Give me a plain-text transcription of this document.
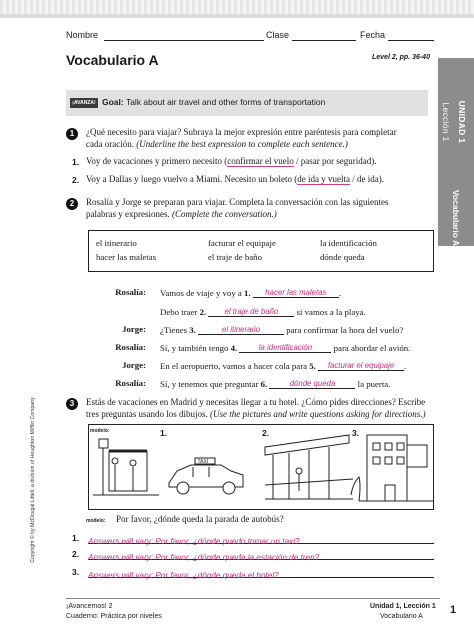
UNIDAD 1
Lección 1
Vocabulario A
Copyright © by McDougal Littell, a division of Houghton Mifflin Company
Nombre	Clase	Fecha
Vocabulario A	Level 2, pp. 36-40
¡AVANZA! Goal: Talk about air travel and other forms of transportation
1	¿Qué necesito para viajar? Subraya la mejor expresión entre paréntesis para completar
cada oración. (Underline the best expression to complete each sentence.)
1. Voy de vacaciones y primero necesito (confirmar el vuelo / pasar por seguridad).
2. Voy a Dallas y luego vuelvo a Miami. Necesito un boleto (de ida y vuelta / de ida).
2	Rosalía y Jorge se preparan para viajar. Completa la conversación con las siguientes
palabras y expresiones. (Complete the conversation.)
el itinerario	facturar el equipaje	la identificación
hacer las maletas	el traje de baño	dónde queda
Rosalía: Vamos de viaje y voy a 1. hacer las maletas .
Debo traer 2. el traje de baño si vamos a la playa.
Jorge: ¿Tienes 3.	el itinerario	para confirmar la hora del vuelo?
Rosalía: Sí, y también tengo 4.	la identificación para abordar el avión.
Jorge: En el aeropuerto, vamos a hacer cola para 5. facturar el equipaje .
Rosalía: Sí, y tenemos que preguntar 6.	dónde queda la puerta.
3	Estás de vacaciones en Madrid y necesitas llegar a tu hotel. ¿Cómo pides direcciones? Escribe
tres preguntas usando los dibujos. (Use the pictures and write questions asking for directions.)
TAXI
modelo:	1.	2.	3.
modelo: Por favor, ¿dónde queda la parada de autobús?
1. Answers will vary: Por favor, ¿dónde puedo tomar un taxi?
2. Answers will vary: Por favor, ¿dónde queda la estación de tren?
3. Answers will vary: Por favor, ¿dónde queda el hotel?
¡Avancemos! 2
Cuaderno: Práctica por niveles
Unidad 1, Lección 1
Vocabulario A
1
